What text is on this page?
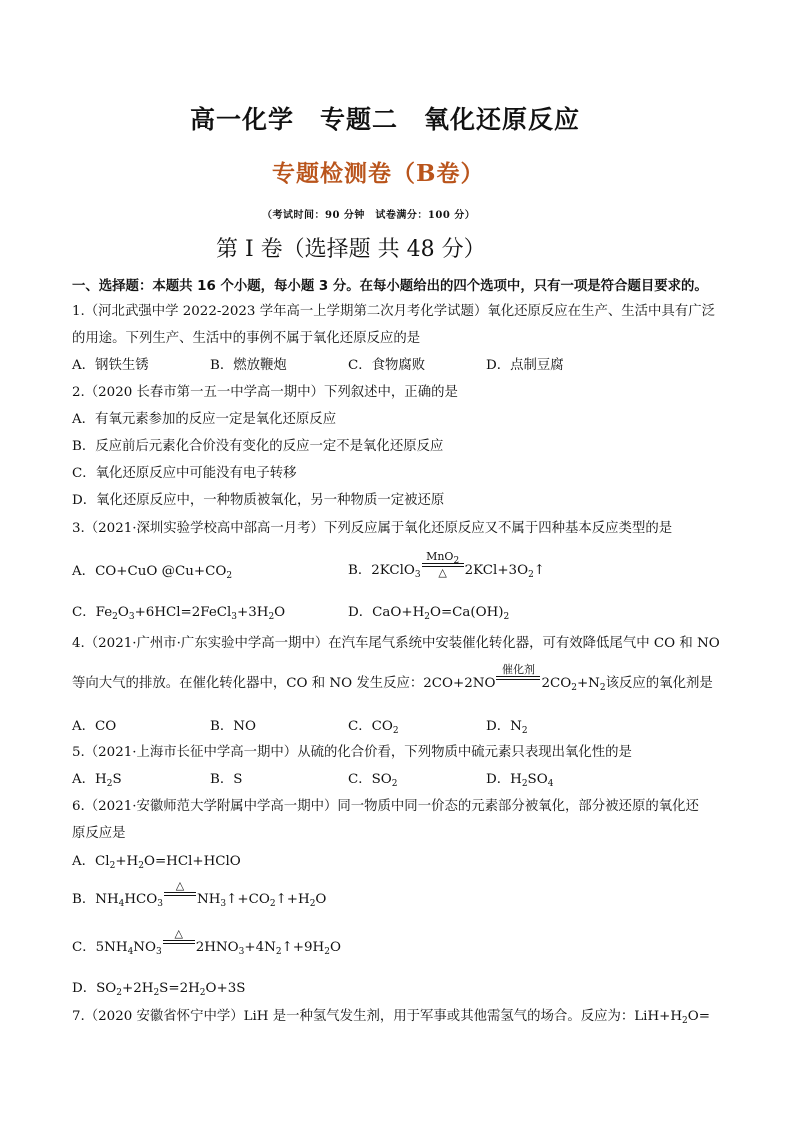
高一化学　专题二　氧化还原反应
专题检测卷（B卷）
（考试时间：90 分钟　试卷满分：100 分）
第 I 卷（选择题 共 48 分）
一、选择题：本题共 16 个小题，每小题 3 分。在每小题给出的四个选项中，只有一项是符合题目要求的。
1.（河北武强中学 2022-2023 学年高一上学期第二次月考化学试题）氧化还原反应在生产、生活中具有广泛
的用途。下列生产、生活中的事例不属于氧化还原反应的是
A．钢铁生锈	B．燃放鞭炮	C．食物腐败	D．点制豆腐
2.（2020 长春市第一五一中学高一期中）下列叙述中，正确的是
A．有氧元素参加的反应一定是氧化还原反应
B．反应前后元素化合价没有变化的反应一定不是氧化还原反应
C．氧化还原反应中可能没有电子转移
D．氧化还原反应中，一种物质被氧化，另一种物质一定被还原
3.（2021·深圳实验学校高中部高一月考）下列反应属于氧化还原反应又不属于四种基本反应类型的是
A．CO+CuO $@Cu+CO_2$	B．2KClO$_3$
MnO$_2$
△	$2KCl+3O_2↑$
C．$Fe_2O_3+6HCl=2FeCl_3+3H_2O$	D．$CaO+H_2O=Ca(OH)_2$
4.（2021·广州市·广东实验中学高一期中）在汽车尾气系统中安装催化转化器，可有效降低尾气中 CO 和 NO
等向大气的排放。在催化转化器中，CO 和 NO 发生反应：2CO+2NO
催化剂

$2CO_2+N_2$该反应的氧化剂是
A．CO	B．NO	C．$CO_2$	D．$N_2$
5.（2021·上海市长征中学高一期中）从硫的化合价看，下列物质中硫元素只表现出氧化性的是
A．$H_2S$	B．S	C．$SO_2$	D．$H_2SO_4$
6.（2021·安徽师范大学附属中学高一期中）同一物质中同一价态的元素部分被氧化，部分被还原的氧化还
原反应是
A．$Cl_2+H_2O=HCl+HClO$
B．$NH_4HCO_3$
△

$NH_3↑+CO_2↑+H_2O$
C．$5NH_4NO_3$
△

$2HNO_3+4N_2↑+9H_2O$
D．$SO_2+2H_2S=2H_2O+3S$
7.（2020 安徽省怀宁中学）LiH 是一种氢气发生剂，用于军事或其他需氢气的场合。反应为：$LiH+H_2O=$
